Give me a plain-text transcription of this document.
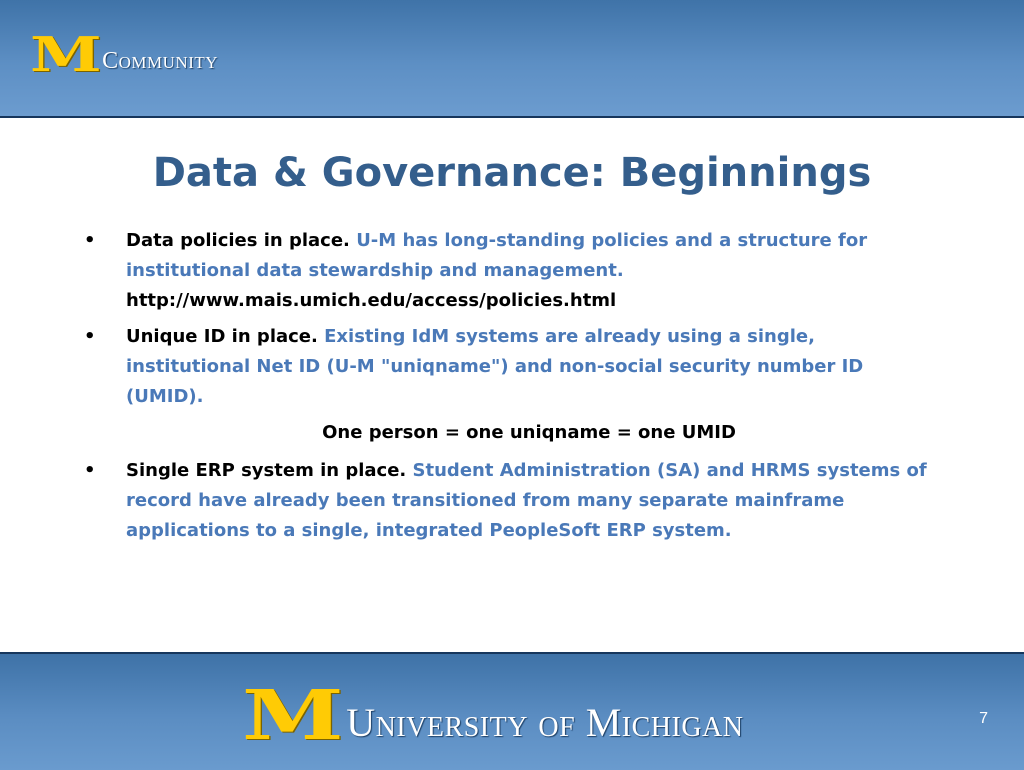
M Community
Data & Governance: Beginnings
• Data policies in place. U-M has long-standing policies and a structure for institutional data stewardship and management.
http://www.mais.umich.edu/access/policies.html
• Unique ID in place. Existing IdM systems are already using a single, institutional Net ID (U-M "uniqname") and non-social security number ID (UMID).
One person = one uniqname = one UMID
• Single ERP system in place. Student Administration (SA) and HRMS systems of record have already been transitioned from many separate mainframe applications to a single, integrated PeopleSoft ERP system.
M University of Michigan	7
